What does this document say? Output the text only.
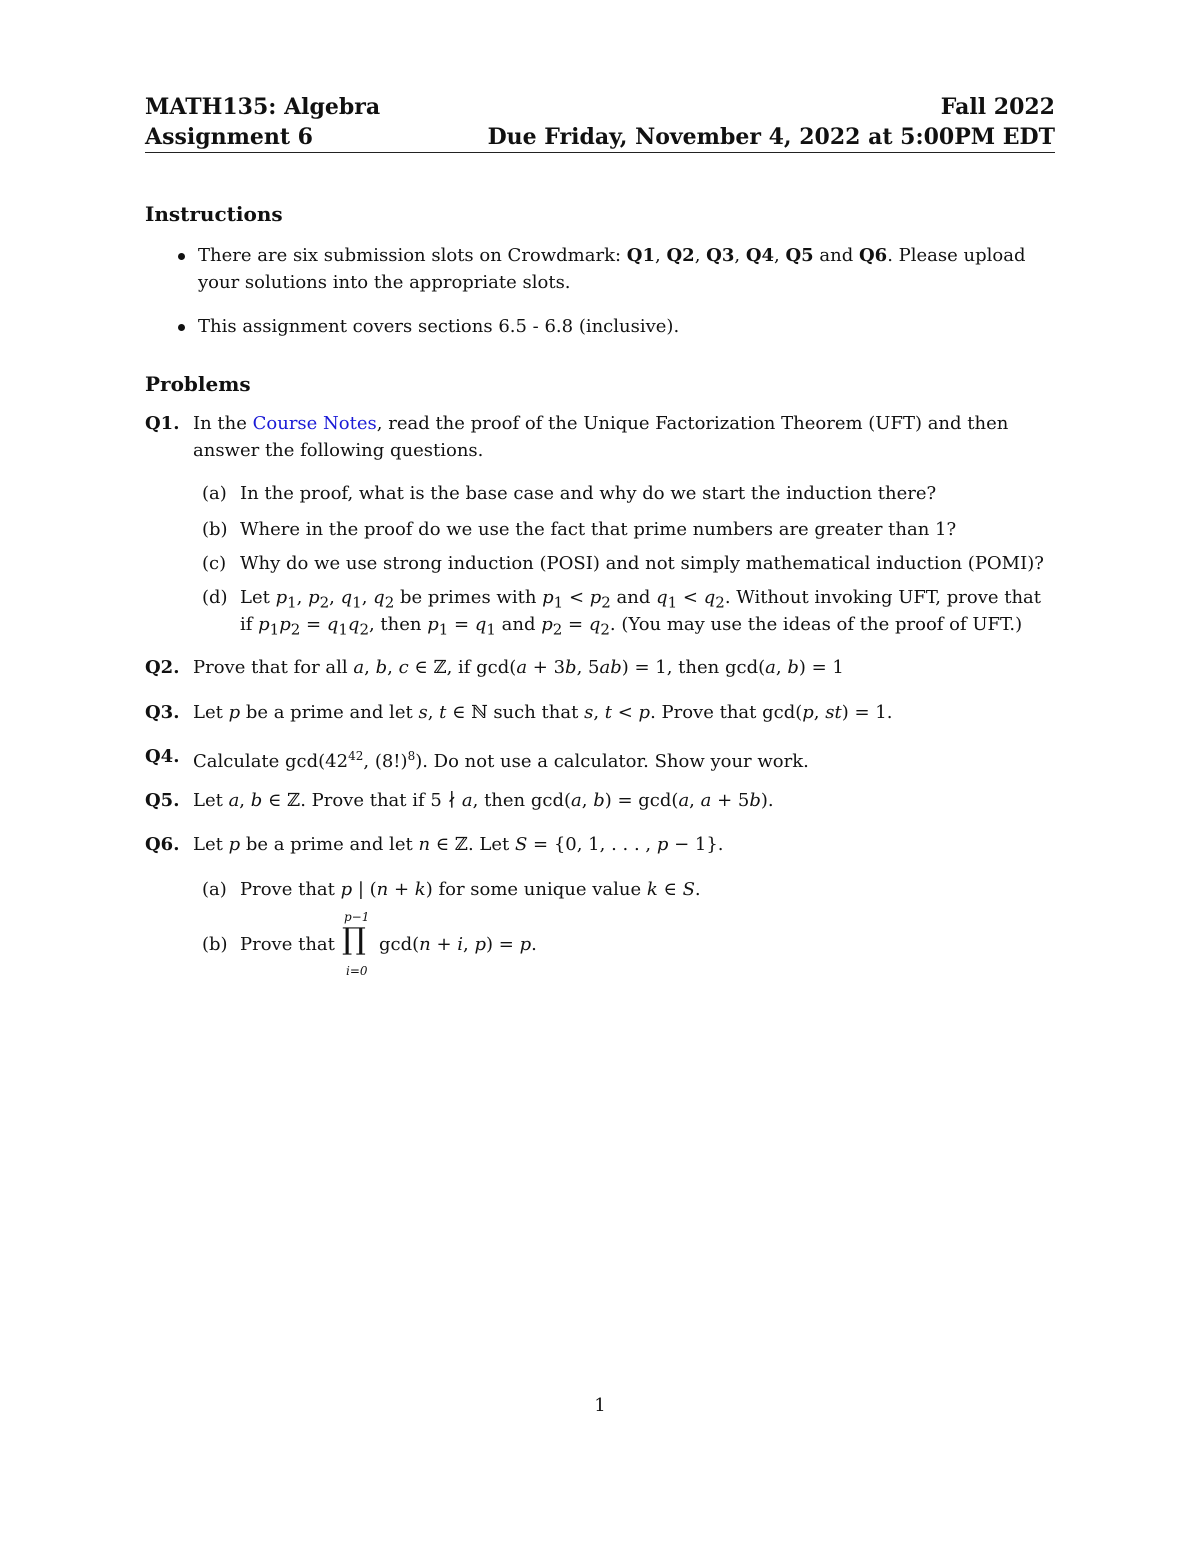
MATH135: Algebra	Fall 2022
Assignment 6	Due Friday, November 4, 2022 at 5:00PM EDT
Instructions
There are six submission slots on Crowdmark: Q1, Q2, Q3, Q4, Q5 and Q6. Please upload
your solutions into the appropriate slots.
This assignment covers sections 6.5 - 6.8 (inclusive).
Problems
Q1. In the Course Notes, read the proof of the Unique Factorization Theorem (UFT) and then
answer the following questions.
(a) In the proof, what is the base case and why do we start the induction there?
(b) Where in the proof do we use the fact that prime numbers are greater than 1?
(c) Why do we use strong induction (POSI) and not simply mathematical induction (POMI)?
(d) Let $p_1$, $p_2$, $q_1$, $q_2$ be primes with $p_1 < p_2$ and $q_1 < q_2$. Without invoking UFT, prove that
if $p_1p_2 = q_1q_2$, then $p_1 = q_1$ and $p_2 = q_2$. (You may use the ideas of the proof of UFT.)
Q2. Prove that for all a, b, c ∈ ℤ, if gcd(a + 3b, 5ab) = 1, then gcd(a, b) = 1
Q3. Let p be a prime and let s, t ∈ ℕ such that s, t < p. Prove that gcd(p, st) = 1.
Q4. Calculate $\gcd(42^{42}$, $(8!)^8$). Do not use a calculator. Show your work.
Q5. Let a, b ∈ ℤ. Prove that if 5 ∤ a, then gcd(a, b) = gcd(a, a + 5b).
Q6. Let p be a prime and let n ∈ ℤ. Let S = {0, 1, . . . , p − 1}.
(a) Prove that p | (n + k) for some unique value k ∈ S.
(b) Prove that
p−1
∏
i=0
gcd(n + i, p) = p.
1
